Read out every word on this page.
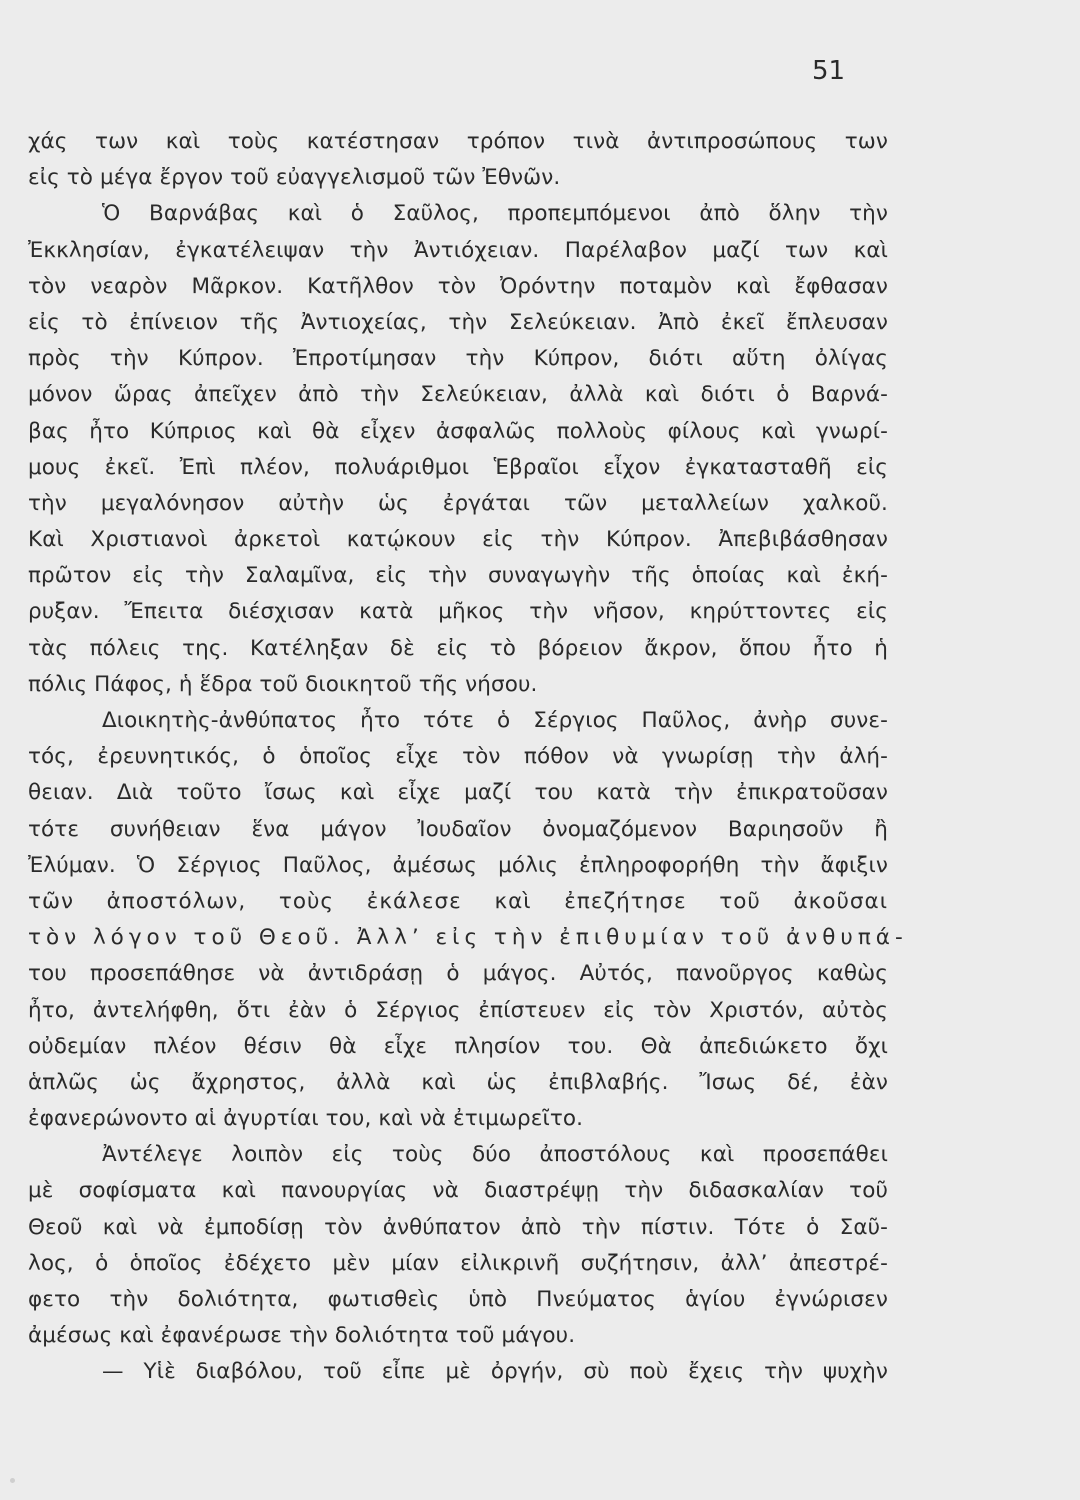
51
χάς των καὶ τοὺς κατέστησαν τρόπον τινὰ ἀντιπροσώπους των
εἰς τὸ μέγα ἔργον τοῦ εὐαγγελισμοῦ τῶν Ἐθνῶν.
Ὁ Βαρνάβας καὶ ὁ Σαῦλος, προπεμπόμενοι ἀπὸ ὅλην τὴν
Ἐκκλησίαν, ἐγκατέλειψαν τὴν Ἀντιόχειαν. Παρέλαβον μαζί των καὶ
τὸν νεαρὸν Μᾶρκον. Κατῆλθον τὸν Ὀρόντην ποταμὸν καὶ ἔφθασαν
εἰς τὸ ἐπίνειον τῆς Ἀντιοχείας, τὴν Σελεύκειαν. Ἀπὸ ἐκεῖ ἔπλευσαν
πρὸς τὴν Κύπρον. Ἐπροτίμησαν τὴν Κύπρον, διότι αὕτη ὀλίγας
μόνον ὥρας ἀπεῖχεν ἀπὸ τὴν Σελεύκειαν, ἀλλὰ καὶ διότι ὁ Βαρνά-
βας ἦτο Κύπριος καὶ θὰ εἶχεν ἀσφαλῶς πολλοὺς φίλους καὶ γνωρί-
μους ἐκεῖ. Ἐπὶ πλέον, πολυάριθμοι Ἑβραῖοι εἶχον ἐγκατασταθῆ εἰς
τὴν μεγαλόνησον αὐτὴν ὡς ἐργάται τῶν μεταλλείων χαλκοῦ.
Καὶ Χριστιανοὶ ἀρκετοὶ κατῴκουν εἰς τὴν Κύπρον. Ἀπεβιβάσθησαν
πρῶτον εἰς τὴν Σαλαμῖνα, εἰς τὴν συναγωγὴν τῆς ὁποίας καὶ ἐκή-
ρυξαν. Ἔπειτα διέσχισαν κατὰ μῆκος τὴν νῆσον, κηρύττοντες εἰς
τὰς πόλεις της. Κατέληξαν δὲ εἰς τὸ βόρειον ἄκρον, ὅπου ἦτο ἡ
πόλις Πάφος, ἡ ἕδρα τοῦ διοικητοῦ τῆς νήσου.
Διοικητὴς-ἀνθύπατος ἦτο τότε ὁ Σέργιος Παῦλος, ἀνὴρ συνε-
τός, ἐρευνητικός, ὁ ὁποῖος εἶχε τὸν πόθον νὰ γνωρίσῃ τὴν ἀλή-
θειαν. Διὰ τοῦτο ἴσως καὶ εἶχε μαζί του κατὰ τὴν ἐπικρατοῦσαν
τότε συνήθειαν ἕνα μάγον Ἰουδαῖον ὀνομαζόμενον Βαριησοῦν ἢ
Ἐλύμαν. Ὁ Σέργιος Παῦλος, ἀμέσως μόλις ἐπληροφορήθη τὴν ἄφιξιν
τῶν ἀποστόλων, τοὺς ἐκάλεσε καὶ ἐπεζήτησε τοῦ ἀκοῦσαι
τὸν λόγον τοῦ Θεοῦ. Ἀλλ’ εἰς τὴν ἐπιθυμίαν τοῦ ἀνθυπά-
του προσεπάθησε νὰ ἀντιδράσῃ ὁ μάγος. Αὐτός, πανοῦργος καθὼς
ἦτο, ἀντελήφθη, ὅτι ἐὰν ὁ Σέργιος ἐπίστευεν εἰς τὸν Χριστόν, αὐτὸς
οὐδεμίαν πλέον θέσιν θὰ εἶχε πλησίον του. Θὰ ἀπεδιώκετο ὄχι
ἁπλῶς ὡς ἄχρηστος, ἀλλὰ καὶ ὡς ἐπιβλαβής. Ἴσως δέ, ἐὰν
ἐφανερώνοντο αἱ ἀγυρτίαι του, καὶ νὰ ἐτιμωρεῖτο.
Ἀντέλεγε λοιπὸν εἰς τοὺς δύο ἀποστόλους καὶ προσεπάθει
μὲ σοφίσματα καὶ πανουργίας νὰ διαστρέψῃ τὴν διδασκαλίαν τοῦ
Θεοῦ καὶ νὰ ἐμποδίσῃ τὸν ἀνθύπατον ἀπὸ τὴν πίστιν. Τότε ὁ Σαῦ-
λος, ὁ ὁποῖος ἐδέχετο μὲν μίαν εἰλικρινῆ συζήτησιν, ἀλλ’ ἀπεστρέ-
φετο τὴν δολιότητα, φωτισθεὶς ὑπὸ Πνεύματος ἁγίου ἐγνώρισεν
ἀμέσως καὶ ἐφανέρωσε τὴν δολιότητα τοῦ μάγου.
— Υἱὲ διαβόλου, τοῦ εἶπε μὲ ὀργήν, σὺ ποὺ ἔχεις τὴν ψυχὴν
